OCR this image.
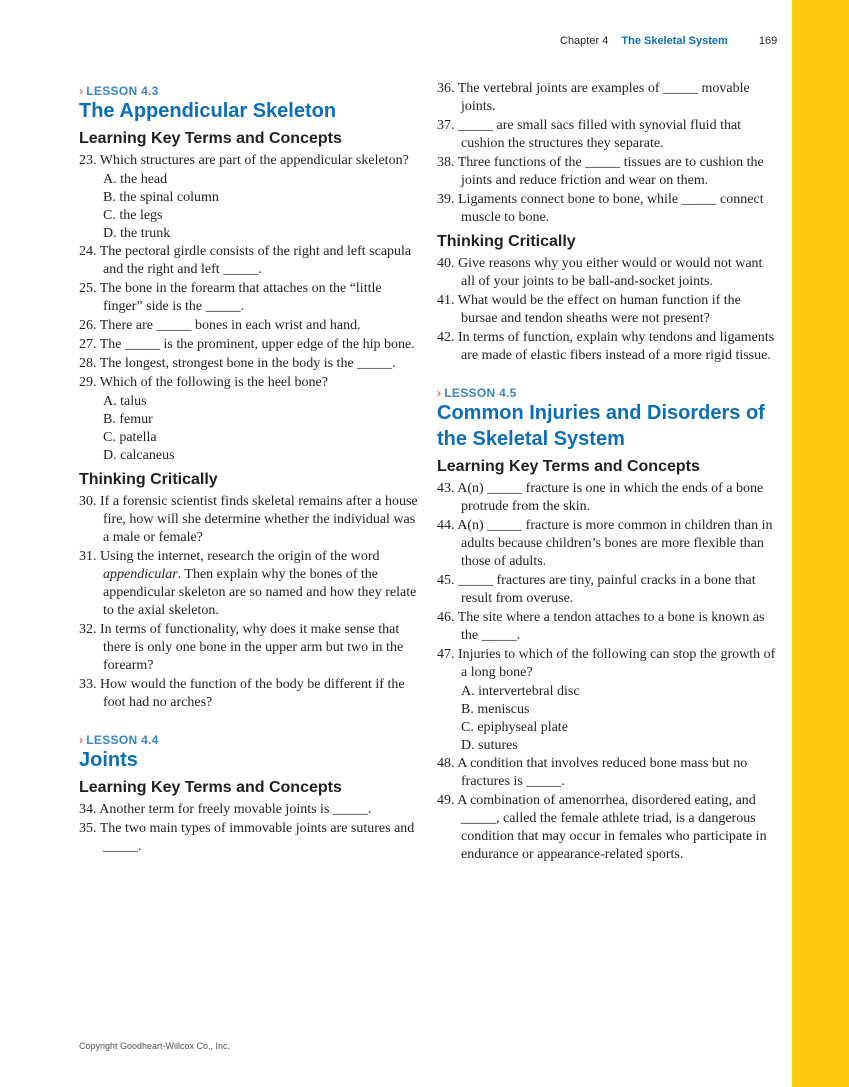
Chapter 4 The Skeletal System	169
› LESSON 4.3
The Appendicular Skeleton
Learning Key Terms and Concepts
23. Which structures are part of the appendicular skeleton?
A. the head
B. the spinal column
C. the legs
D. the trunk
24. The pectoral girdle consists of the right and left scapula and the right and left _____.
25. The bone in the forearm that attaches on the “little finger” side is the _____.
26. There are _____ bones in each wrist and hand.
27. The _____ is the prominent, upper edge of the hip bone.
28. The longest, strongest bone in the body is the _____.
29. Which of the following is the heel bone?
A. talus
B. femur
C. patella
D. calcaneus
Thinking Critically
30. If a forensic scientist finds skeletal remains after a house fire, how will she determine whether the individual was a male or female?
31. Using the internet, research the origin of the word appendicular. Then explain why the bones of the appendicular skeleton are so named and how they relate to the axial skeleton.
32. In terms of functionality, why does it make sense that there is only one bone in the upper arm but two in the forearm?
33. How would the function of the body be different if the foot had no arches?
› LESSON 4.4
Joints
Learning Key Terms and Concepts
34. Another term for freely movable joints is _____.
35. The two main types of immovable joints are sutures and _____.
36. The vertebral joints are examples of _____ movable joints.
37. _____ are small sacs filled with synovial fluid that cushion the structures they separate.
38. Three functions of the _____ tissues are to cushion the joints and reduce friction and wear on them.
39. Ligaments connect bone to bone, while _____ connect muscle to bone.
Thinking Critically
40. Give reasons why you either would or would not want all of your joints to be ball-and-socket joints.
41. What would be the effect on human function if the bursae and tendon sheaths were not present?
42. In terms of function, explain why tendons and ligaments are made of elastic fibers instead of a more rigid tissue.
› LESSON 4.5
Common Injuries and Disorders of the Skeletal System
Learning Key Terms and Concepts
43. A(n) _____ fracture is one in which the ends of a bone protrude from the skin.
44. A(n) _____ fracture is more common in children than in adults because children’s bones are more flexible than those of adults.
45. _____ fractures are tiny, painful cracks in a bone that result from overuse.
46. The site where a tendon attaches to a bone is known as the _____.
47. Injuries to which of the following can stop the growth of a long bone?
A. intervertebral disc
B. meniscus
C. epiphyseal plate
D. sutures
48. A condition that involves reduced bone mass but no fractures is _____.
49. A combination of amenorrhea, disordered eating, and _____, called the female athlete triad, is a dangerous condition that may occur in females who participate in endurance or appearance-related sports.
Copyright Goodheart-Willcox Co., Inc.
